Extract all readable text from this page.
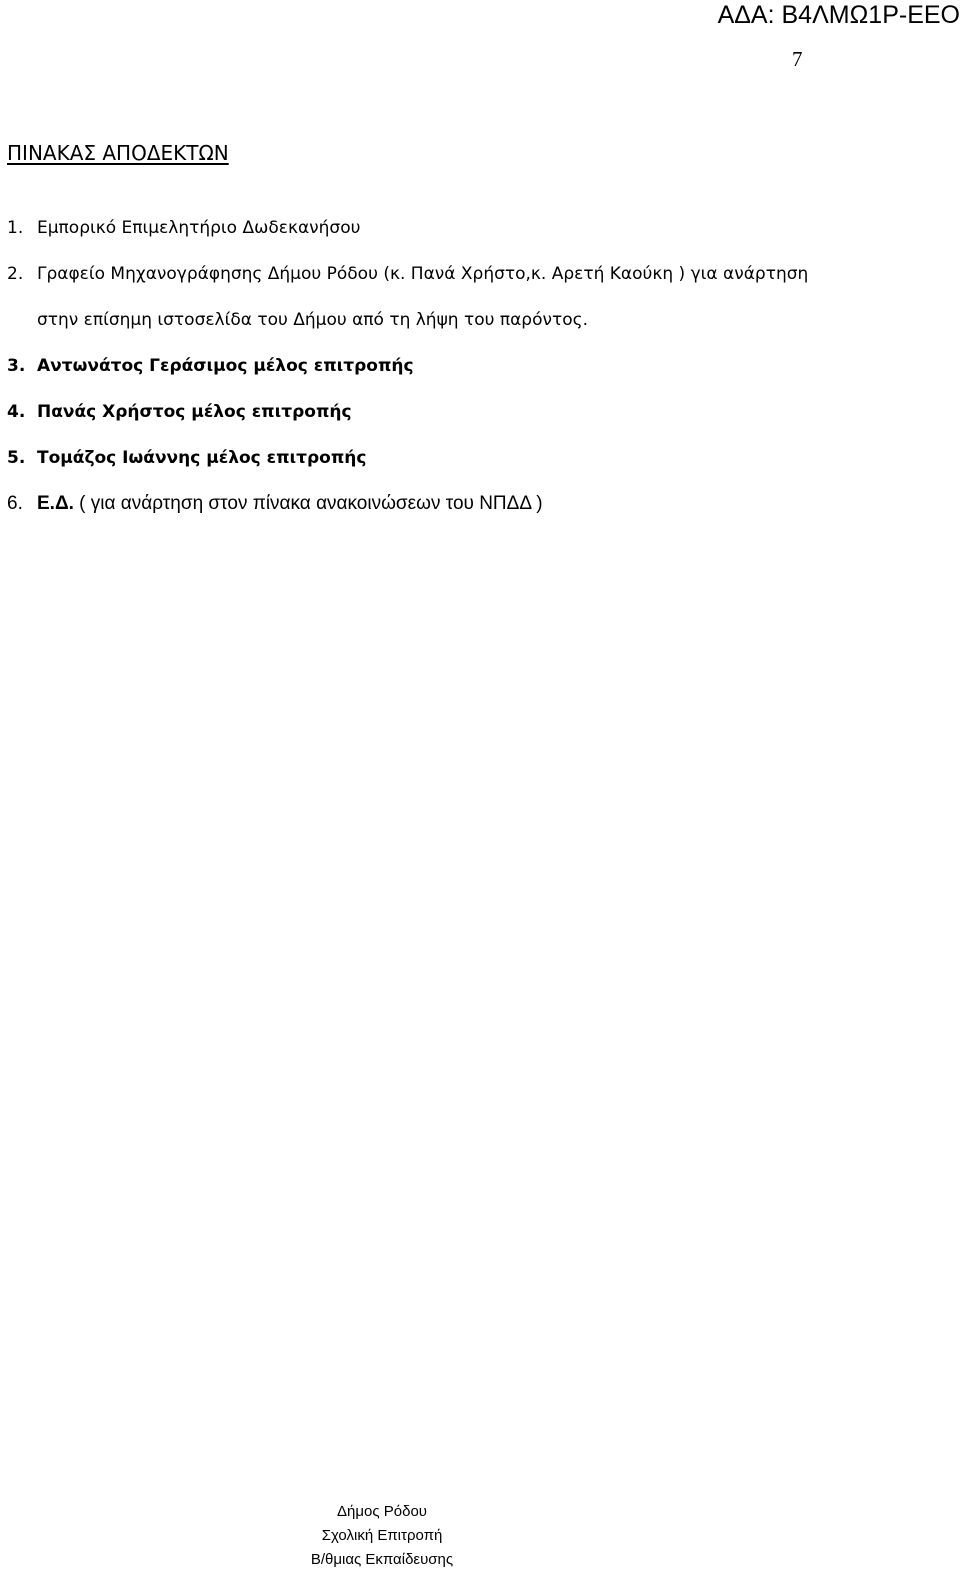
ΑΔΑ: Β4ΛΜΩ1Ρ-ΕΕΟ
7
ΠΙΝΑΚΑΣ ΑΠΟΔΕΚΤΩΝ
1. Εμπορικό Επιμελητήριο Δωδεκανήσου
2. Γραφείο Μηχανογράφησης Δήμου Ρόδου (κ. Πανά Χρήστο,κ. Αρετή Καούκη ) για ανάρτηση στην επίσημη ιστοσελίδα του Δήμου από τη λήψη του παρόντος.
3. Αντωνάτος Γεράσιμος μέλος επιτροπής
4. Πανάς Χρήστος μέλος επιτροπής
5. Τομάζος Ιωάννης μέλος επιτροπής
6. Ε.Δ. ( για ανάρτηση στον πίνακα ανακοινώσεων του ΝΠΔΔ )
Δήμος Ρόδου
Σχολική Επιτροπή
Β/θμιας Εκπαίδευσης
